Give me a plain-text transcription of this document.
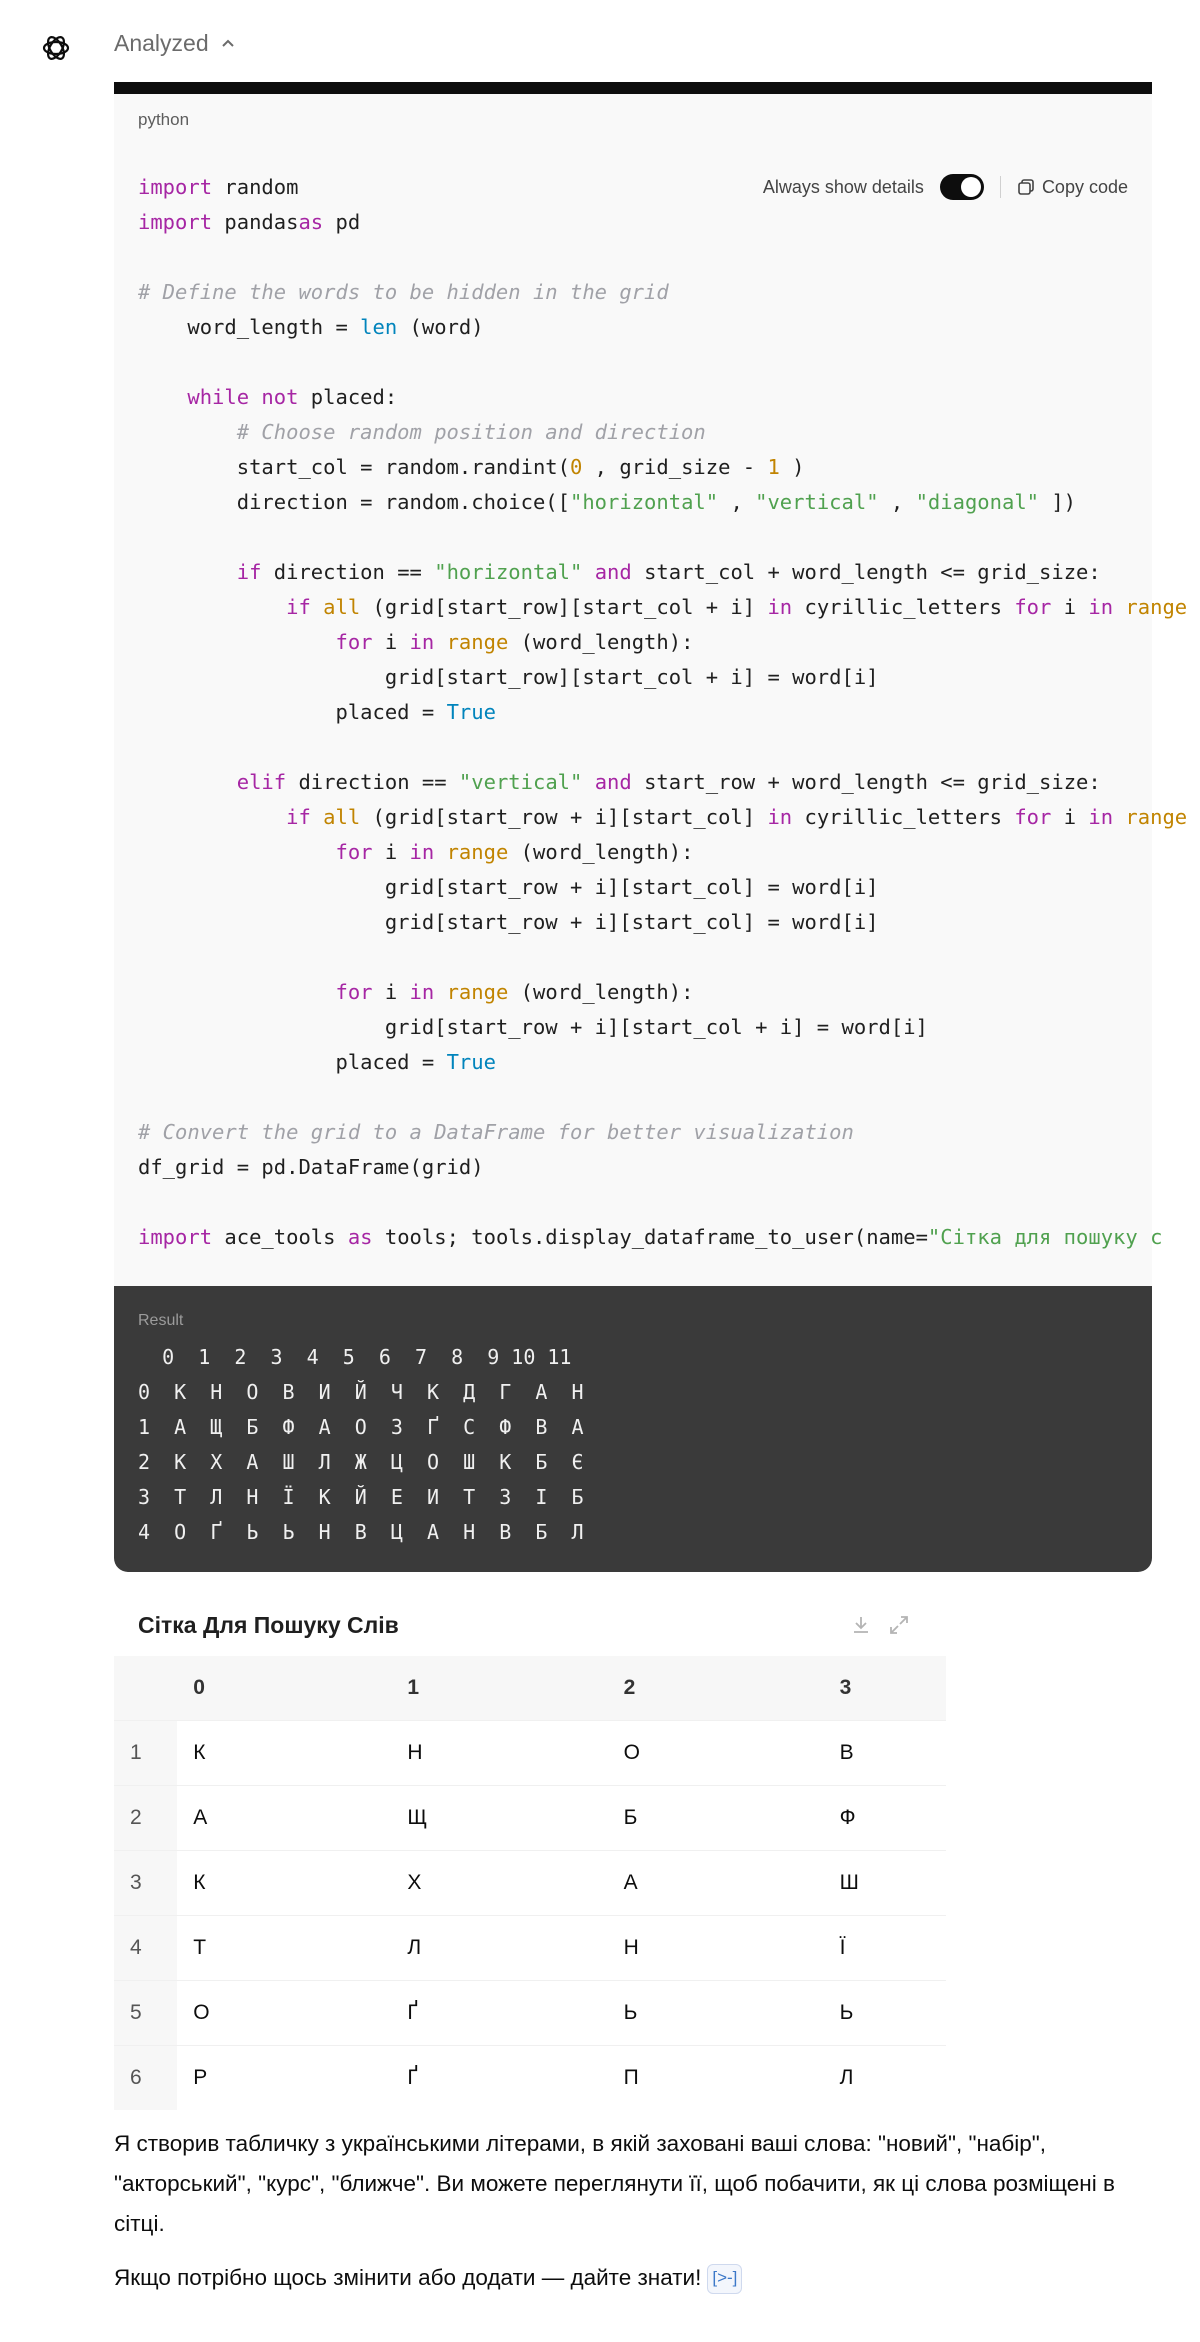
Analyzed
python
import random
import pandasas pd

# Define the words to be hidden in the grid
word_length = len (word)

while not placed:
# Choose random position and direction
start_col = random.randint(0 , grid_size - 1 )
direction = random.choice(["horizontal" , "vertical" , "diagonal" ])

if direction == "horizontal" and start_col + word_length <= grid_size:
if all (grid[start_row][start_col + i] in cyrillic_letters for i in range
for i in range (word_length):
grid[start_row][start_col + i] = word[i]
placed = True

elif direction == "vertical" and start_row + word_length <= grid_size:
if all (grid[start_row + i][start_col] in cyrillic_letters for i in range
for i in range (word_length):
grid[start_row + i][start_col] = word[i]
grid[start_row + i][start_col] = word[i]

for i in range (word_length):
grid[start_row + i][start_col + i] = word[i]
placed = True

# Convert the grid to a DataFrame for better visualization
df_grid = pd.DataFrame(grid)

import ace_tools as tools; tools.display_dataframe_to_user(name="Сітка для пошуку с
Always show details	Copy code
Result
0  1  2  3  4  5  6  7  8  9 10 11
0  К  Н  О  В  И  Й  Ч  К  Д  Г  А  Н
1  А  Щ  Б  Ф  А  О  З  Ґ  С  Ф  В  А
2  К  Х  А  Ш  Л  Ж  Ц  О  Ш  К  Б  Є
3  Т  Л  Н  Ї  К  Й  Е  И  Т  З  І  Б
4  О  Ґ  Ь  Ь  Н  В  Ц  А  Н  В  Б  Л
Сітка Для Пошуку Слів
	0	1	2	3
1	К	Н	О	В
2	А	Щ	Б	Ф
3	К	Х	А	Ш
4	Т	Л	Н	Ї
5	О	Ґ	Ь	Ь
6	Р	Ґ	П	Л

Я створив табличку з українськими літерами, в якій заховані ваші слова: "новий", "набір", "акторський", "курс", "ближче". Ви можете переглянути її, щоб побачити, як ці слова розміщені в сітці.

Якщо потрібно щось змінити або додати — дайте знати! [>-]
